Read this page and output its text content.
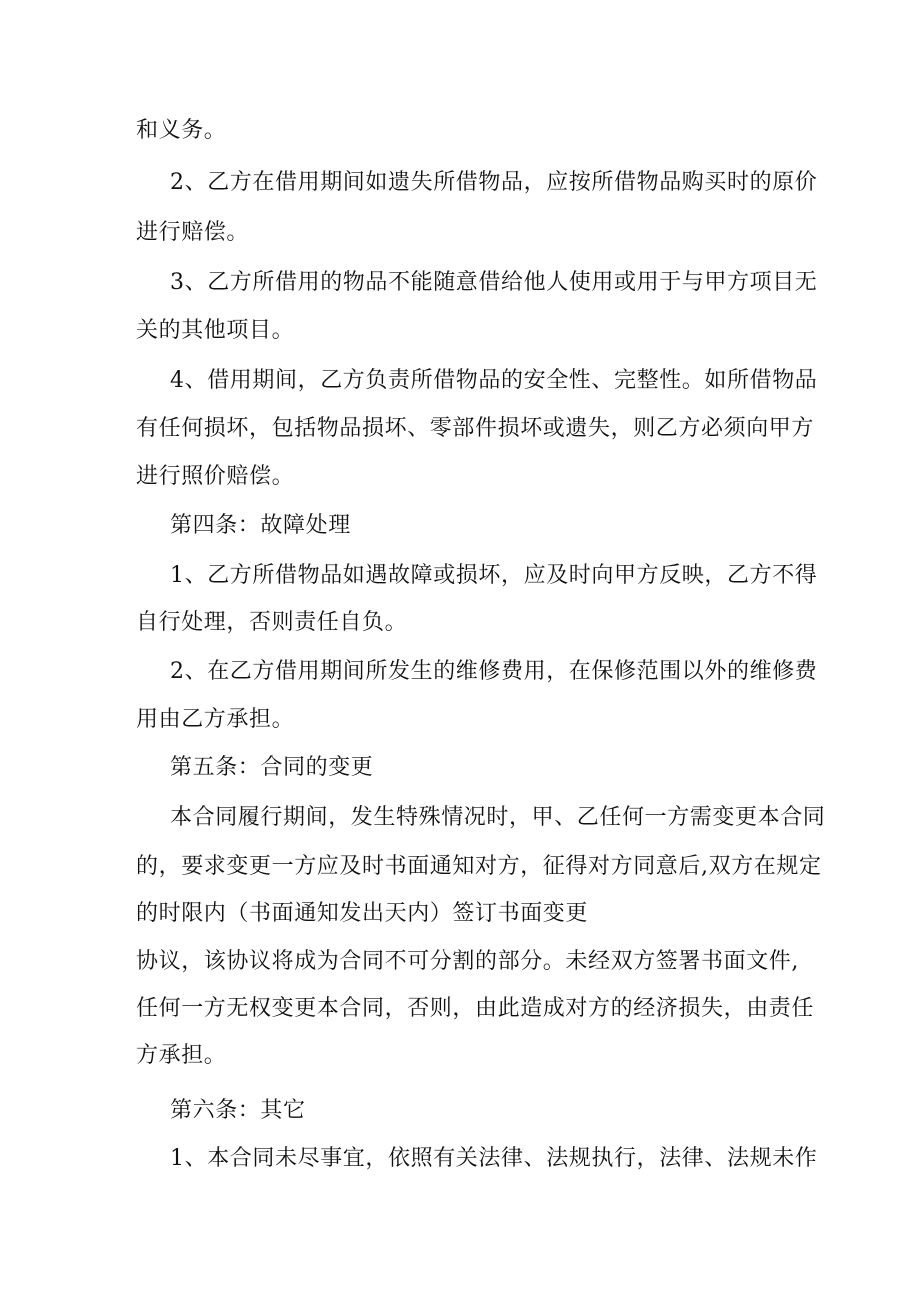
和义务。
2、乙方在借用期间如遗失所借物品，应按所借物品购买时的原价
进行赔偿。
3、乙方所借用的物品不能随意借给他人使用或用于与甲方项目无
关的其他项目。
4、借用期间，乙方负责所借物品的安全性、完整性。如所借物品
有任何损坏，包括物品损坏、零部件损坏或遗失，则乙方必须向甲方
进行照价赔偿。
第四条：故障处理
1、乙方所借物品如遇故障或损坏，应及时向甲方反映，乙方不得
自行处理，否则责任自负。
2、在乙方借用期间所发生的维修费用，在保修范围以外的维修费
用由乙方承担。
第五条：合同的变更
本合同履行期间，发生特殊情况时，甲、乙任何一方需变更本合同
的，要求变更一方应及时书面通知对方，征得对方同意后,双方在规定
的时限内（书面通知发出天内）签订书面变更
协议，该协议将成为合同不可分割的部分。未经双方签署书面文件,
任何一方无权变更本合同，否则，由此造成对方的经济损失，由责任
方承担。
第六条：其它
1、本合同未尽事宜，依照有关法律、法规执行，法律、法规未作
